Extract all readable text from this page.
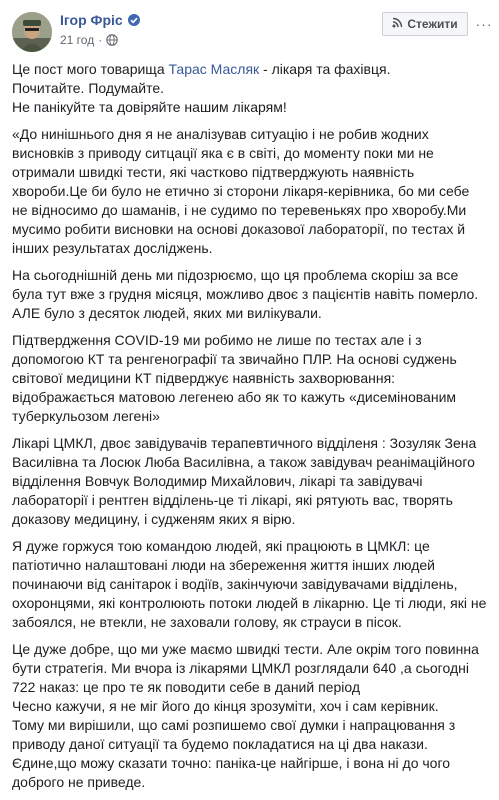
Ігор Фріс
21 год ·
Стежити ···

Це пост мого товарища Тарас Масляк - лікаря та фахівця.
Почитайте. Подумайте.
Не панікуйте та довіряйте нашим лікарям!

«До нинішнього дня я не аналізував ситуацію і не робив жодних висновків з приводу ситцації яка є в світі, до моменту поки ми не отримали швидкі тести, які частково підтверджують наявність хвороби.Це би було не етично зі сторони лікаря-керівника, бо ми себе не відносимо до шаманів, і не судимо по теревенькях про хворобу.Ми мусимо робити висновки на основі доказової лабораторії, по тестах й інших результатах досліджень.

На сьогоднішній день ми підозрюємо, що ця проблема скоріш за все була тут вже з грудня місяця, можливо двоє з пацієнтів навіть померло. АЛЕ було з десяток людей, яких ми вилікували.

Підтвердження COVID-19 ми робимо не лише по тестах але і з допомогою КТ та ренгенографії та звичайно ПЛР. На основі суджень світової медицини КТ підверджує наявність захворювання: відображається матовою легенею або як то кажуть «дисемінованим туберкульозом легені»

Лікарі ЦМКЛ, двоє завідувачів терапевтичного відділеня : Зозуляк Зена Василівна та Лосюк Люба Василівна, а також завідувач реанімаційного відділення Вовчук Володимир Михайлович, лікарі та завідувачі лабораторії і рентген відділень-це ті лікарі, які рятують вас, творять доказову медицину, і судженям яких я вірю.

Я дуже горжуся тою командою людей, які працюють в ЦМКЛ: це патіотично налаштовані люди на збереження життя інших людей починаючи від санітарок і водіїв, закінчуючи завідувачами відділень, охоронцями, які контролюють потоки людей в лікарню. Це ті люди, які не забоялся, не втекли, не заховали голову, як страуси в пісок.

Це дуже добре, що ми уже маємо швидкі тести. Але окрім того повинна бути стратегія. Ми вчора із лікарями ЦМКЛ розглядали 640 ,а сьогодні 722 наказ: це про те як поводити себе в даний період
Чесно кажучи, я не міг його до кінця зрозуміти, хоч і сам керівник.
Тому ми вирішили, що самі розпишемо свої думки і напрацювання з приводу даної ситуації та будемо покладатися на ці два накази.
Єдине,що можу сказати точно: паніка-це найгірше, і вона ні до чого доброго не приведе.
